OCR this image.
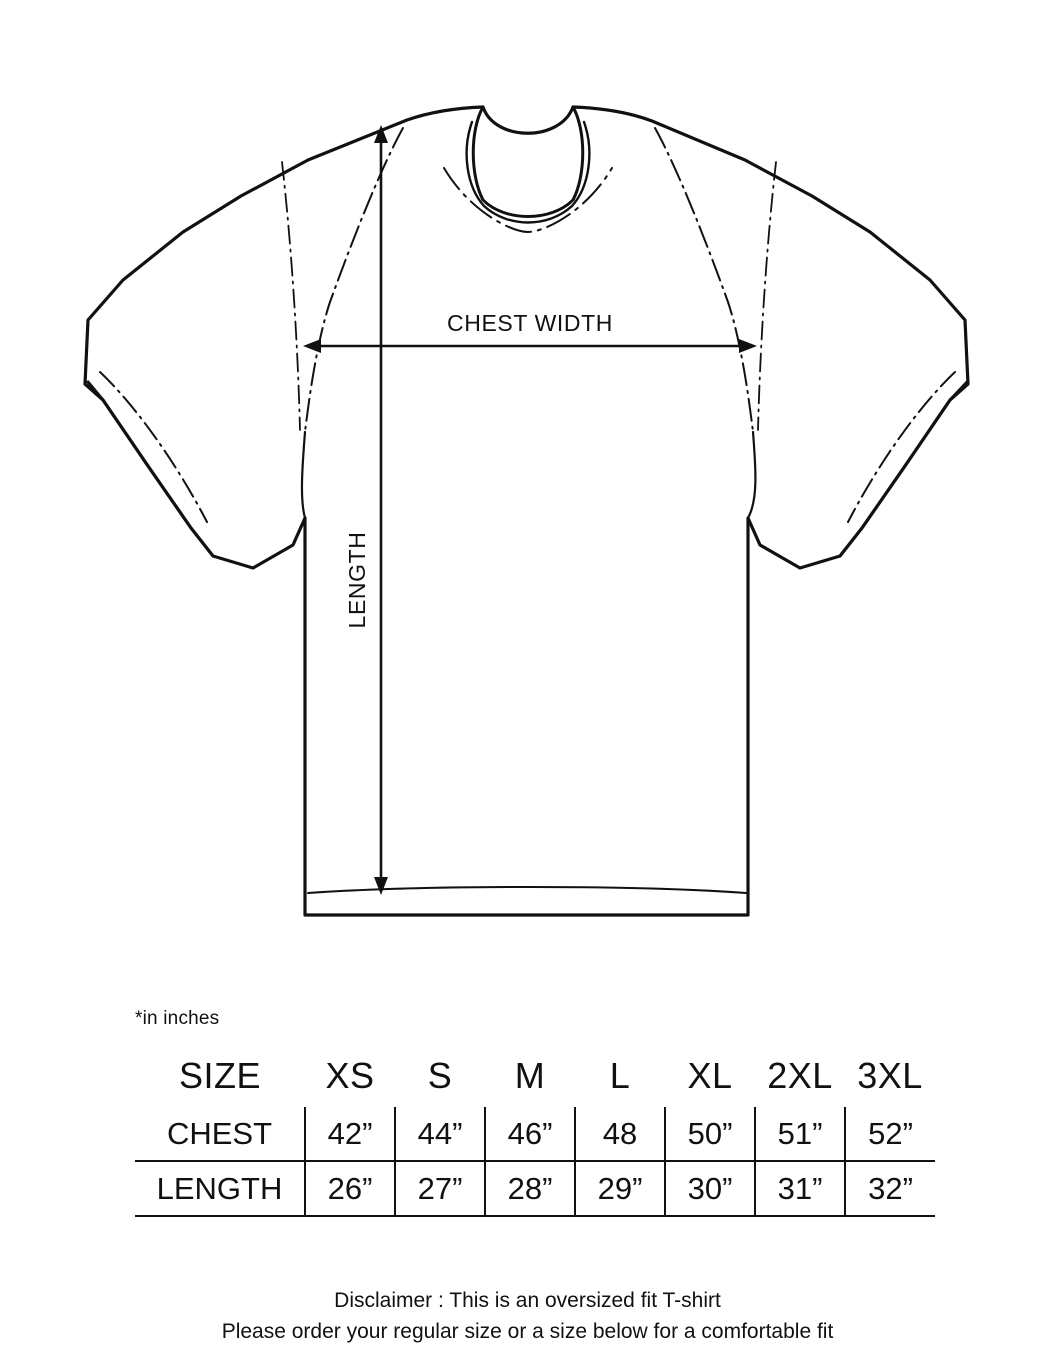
CHEST WIDTH
LENGTH
*in inches
SIZE	XS	S	M	L	XL	2XL	3XL
CHEST	42”	44”	46”	48	50”	51”	52”
LENGTH	26”	27”	28”	29”	30”	31”	32”
Disclaimer : This is an oversized fit T-shirt
Please order your regular size or a size below for a comfortable fit
